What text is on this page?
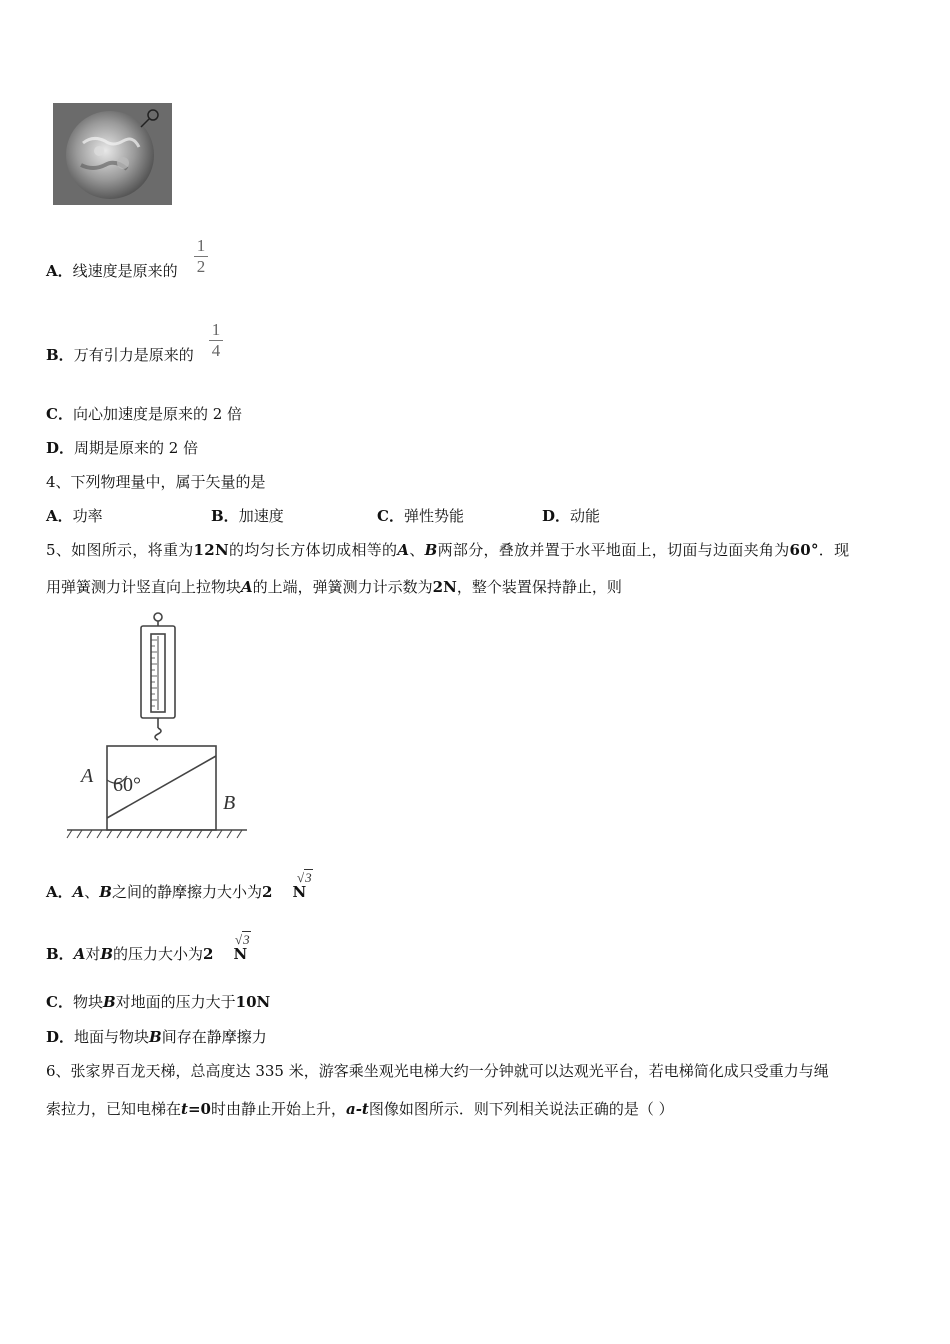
A．线速度是原来的
1
2
B．万有引力是原来的
1
4
C．向心加速度是原来的 2 倍
D．周期是原来的 2 倍
4、下列物理量中，属于矢量的是
A．功率	B．加速度	C．弹性势能	D．动能
5、如图所示，将重为12N的均匀长方体切成相等的A、B两部分，叠放并置于水平地面上，切面与边面夹角为60°．现
用弹簧测力计竖直向上拉物块A的上端，弹簧测力计示数为2N，整个装置保持静止，则
A
B
60°
A．A、B之间的静摩擦力大小为2 N
√3
B．A对B的压力大小为2 N
√3
C．物块B对地面的压力大于10N
D．地面与物块B间存在静摩擦力
6、张家界百龙天梯，总高度达 335 米，游客乘坐观光电梯大约一分钟就可以达观光平台，若电梯简化成只受重力与绳
索拉力，已知电梯在t=0时由静止开始上升，a-t图像如图所示．则下列相关说法正确的是（ ）
